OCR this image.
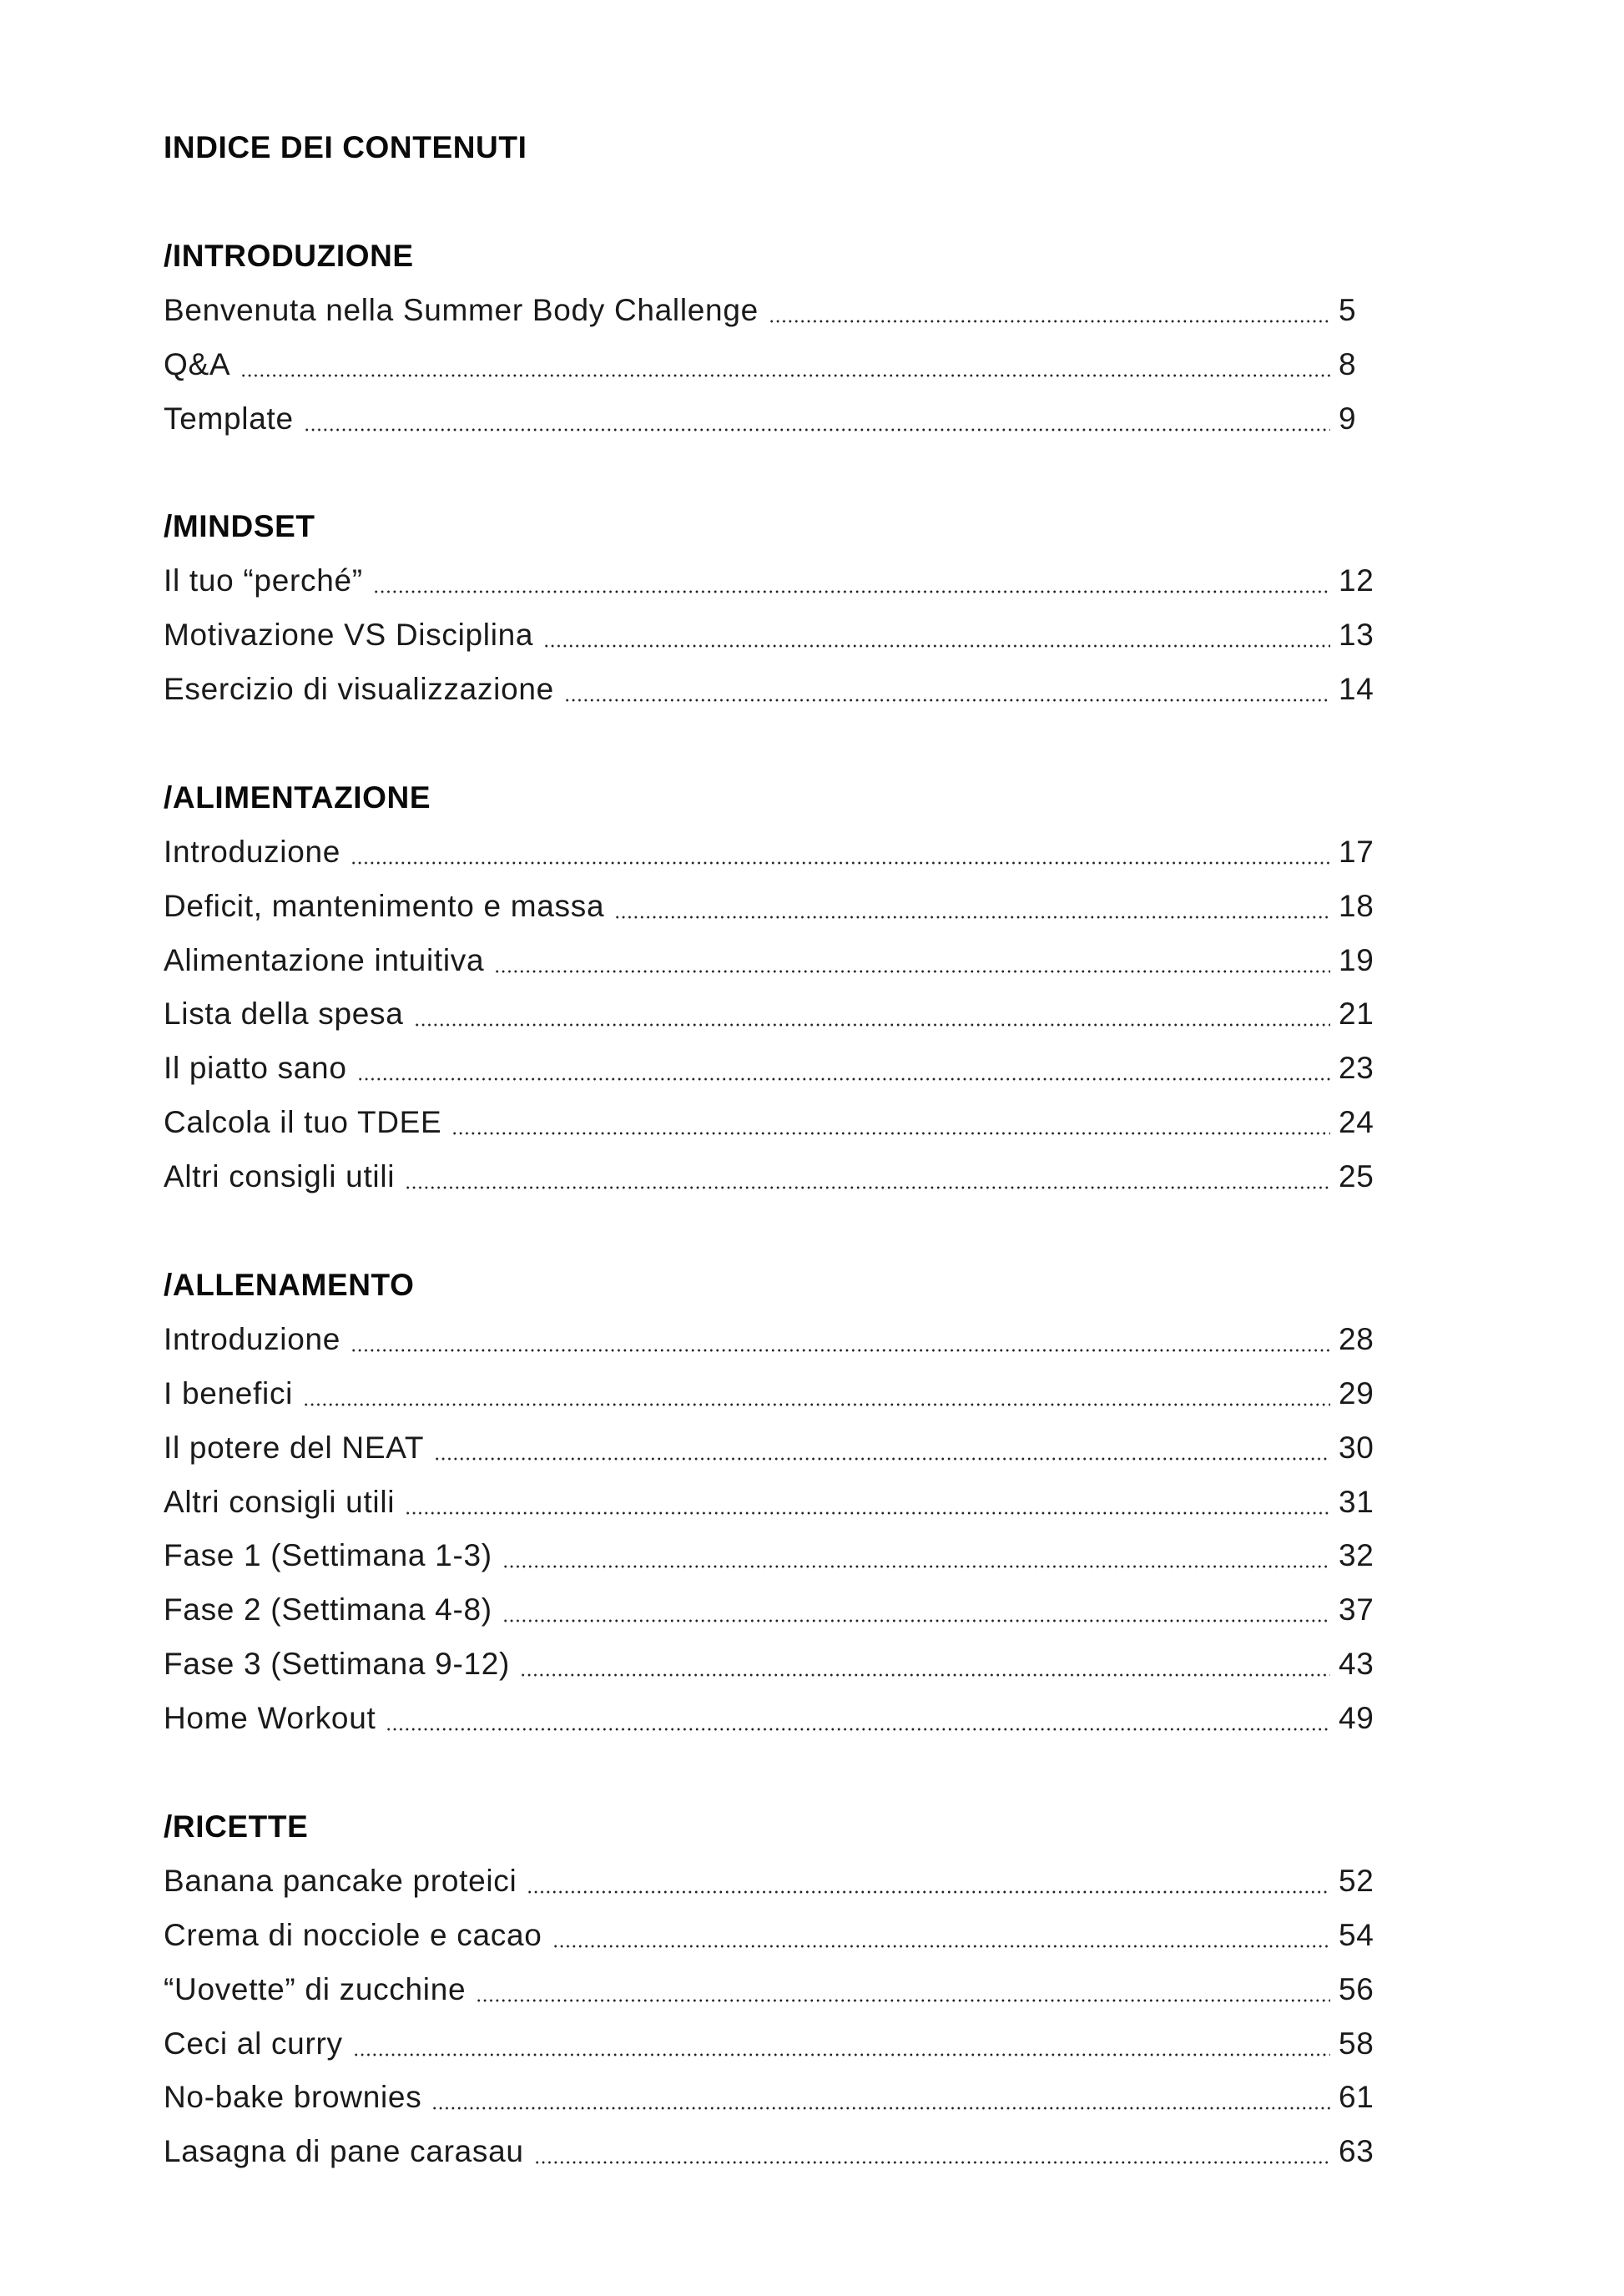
INDICE DEI CONTENUTI
/INTRODUZIONE
Benvenuta nella Summer Body Challenge	5
Q&A	8
Template	9
/MINDSET
Il tuo “perché”	12
Motivazione VS Disciplina	13
Esercizio di visualizzazione	14
/ALIMENTAZIONE
Introduzione	17
Deficit, mantenimento e massa	18
Alimentazione intuitiva	19
Lista della spesa	21
Il piatto sano	23
Calcola il tuo TDEE	24
Altri consigli utili	25
/ALLENAMENTO
Introduzione	28
I benefici	29
Il potere del NEAT	30
Altri consigli utili	31
Fase 1 (Settimana 1-3)	32
Fase 2 (Settimana 4-8)	37
Fase 3 (Settimana 9-12)	43
Home Workout	49
/RICETTE
Banana pancake proteici	52
Crema di nocciole e cacao	54
“Uovette” di zucchine	56
Ceci al curry	58
No-bake brownies	61
Lasagna di pane carasau	63
